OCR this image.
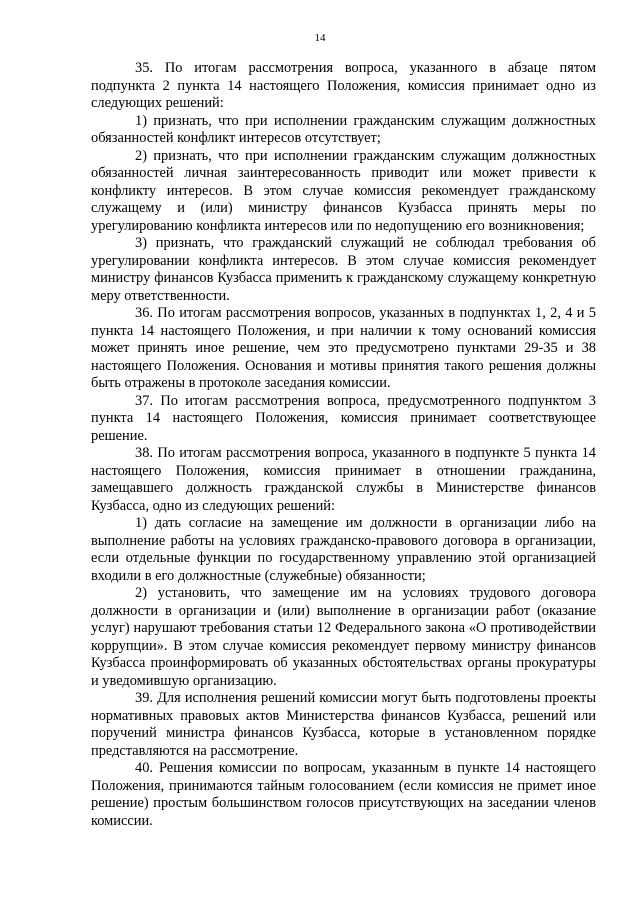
14

35. По итогам рассмотрения вопроса, указанного в абзаце пятом подпункта 2 пункта 14 настоящего Положения, комиссия принимает одно из следующих решений:

1) признать, что при исполнении гражданским служащим должностных обязанностей конфликт интересов отсутствует;

2) признать, что при исполнении гражданским служащим должностных обязанностей личная заинтересованность приводит или может привести к конфликту интересов. В этом случае комиссия рекомендует гражданскому служащему и (или) министру финансов Кузбасса принять меры по урегулированию конфликта интересов или по недопущению его возникновения;

3) признать, что гражданский служащий не соблюдал требования об урегулировании конфликта интересов. В этом случае комиссия рекомендует министру финансов Кузбасса применить к гражданскому служащему конкретную меру ответственности.

36. По итогам рассмотрения вопросов, указанных в подпунктах 1, 2, 4 и 5 пункта 14 настоящего Положения, и при наличии к тому оснований комиссия может принять иное решение, чем это предусмотрено пунктами 29-35 и 38 настоящего Положения. Основания и мотивы принятия такого решения должны быть отражены в протоколе заседания комиссии.

37. По итогам рассмотрения вопроса, предусмотренного подпунктом 3 пункта 14 настоящего Положения, комиссия принимает соответствующее решение.

38. По итогам рассмотрения вопроса, указанного в подпункте 5 пункта 14 настоящего Положения, комиссия принимает в отношении гражданина, замещавшего должность гражданской службы в Министерстве финансов Кузбасса, одно из следующих решений:

1) дать согласие на замещение им должности в организации либо на выполнение работы на условиях гражданско-правового договора в организации, если отдельные функции по государственному управлению этой организацией входили в его должностные (служебные) обязанности;

2) установить, что замещение им на условиях трудового договора должности в организации и (или) выполнение в организации работ (оказание услуг) нарушают требования статьи 12 Федерального закона «О противодействии коррупции». В этом случае комиссия рекомендует первому министру финансов Кузбасса проинформировать об указанных обстоятельствах органы прокуратуры и уведомившую организацию.

39. Для исполнения решений комиссии могут быть подготовлены проекты нормативных правовых актов Министерства финансов Кузбасса, решений или поручений министра финансов Кузбасса, которые в установленном порядке представляются на рассмотрение.

40. Решения комиссии по вопросам, указанным в пункте 14 настоящего Положения, принимаются тайным голосованием (если комиссия не примет иное решение) простым большинством голосов присутствующих на заседании членов комиссии.
